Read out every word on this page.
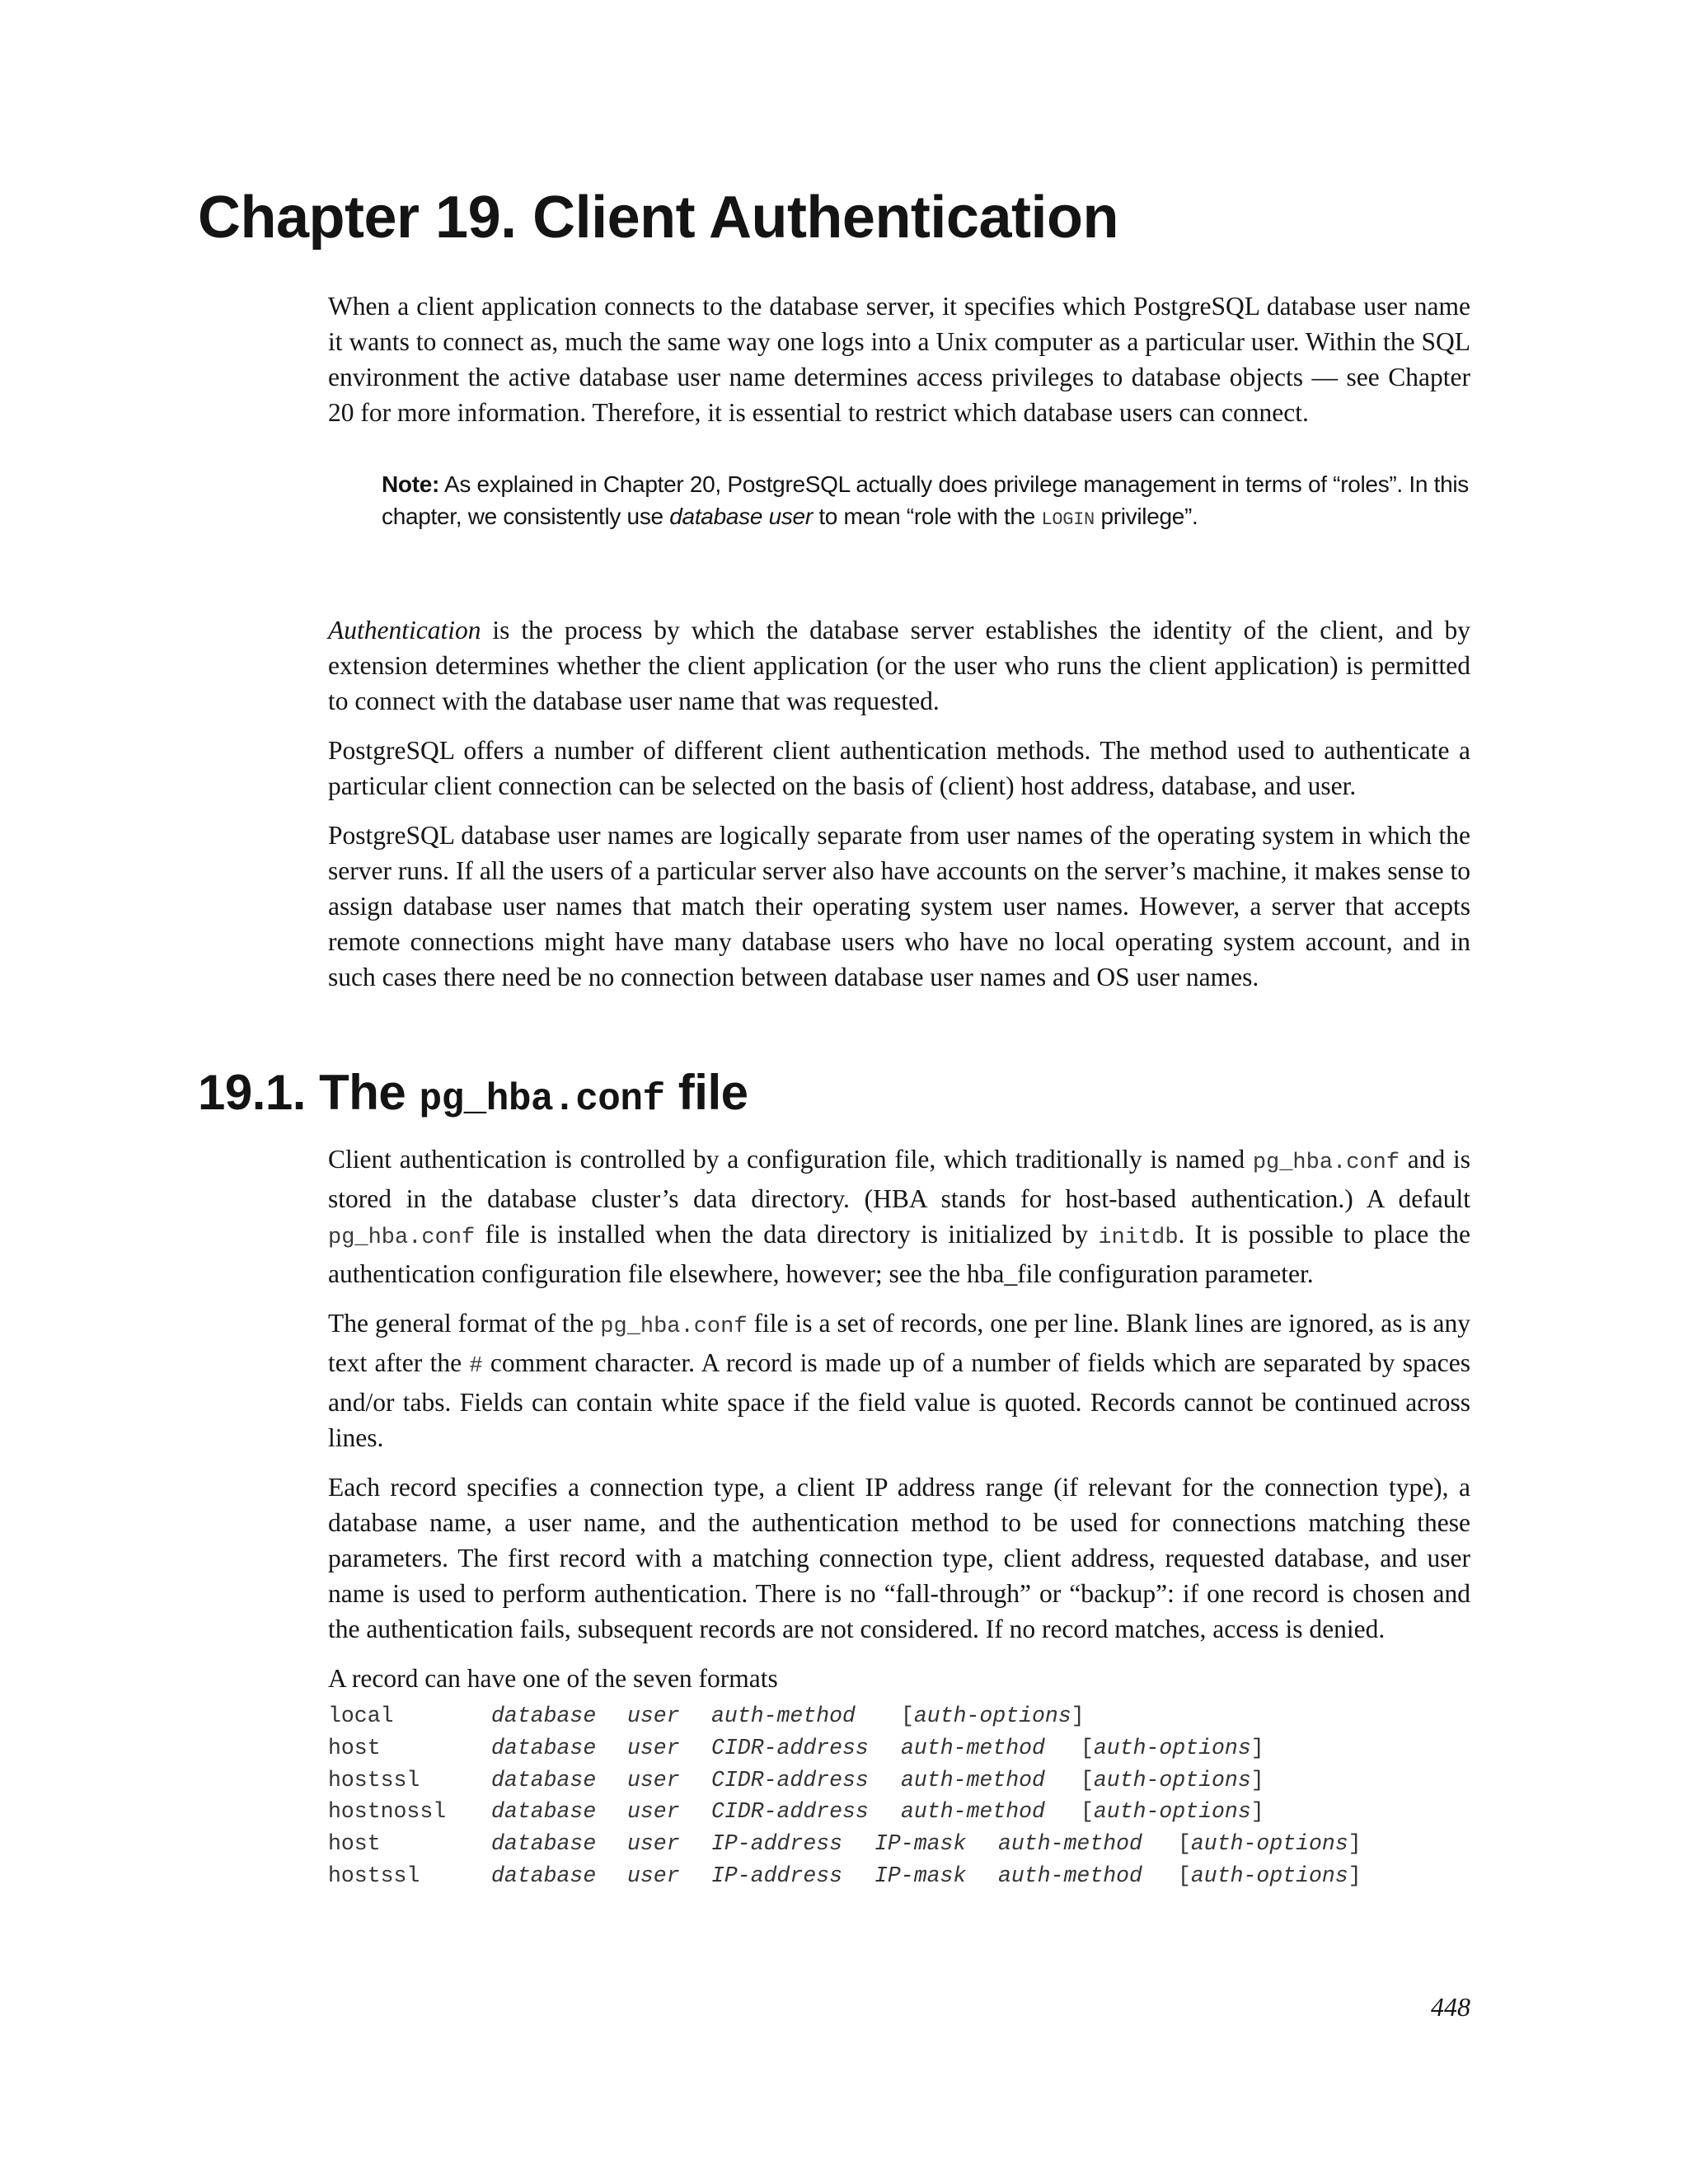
Chapter 19. Client Authentication

When a client application connects to the database server, it specifies which PostgreSQL database user name it wants to connect as, much the same way one logs into a Unix computer as a particular user. Within the SQL environment the active database user name determines access privileges to database objects — see Chapter 20 for more information. Therefore, it is essential to restrict which database users can connect.

Note: As explained in Chapter 20, PostgreSQL actually does privilege management in terms of “roles”. In this chapter, we consistently use database user to mean “role with the LOGIN privilege”.

Authentication is the process by which the database server establishes the identity of the client, and by extension determines whether the client application (or the user who runs the client application) is permitted to connect with the database user name that was requested.

PostgreSQL offers a number of different client authentication methods. The method used to authenticate a particular client connection can be selected on the basis of (client) host address, database, and user.

PostgreSQL database user names are logically separate from user names of the operating system in which the server runs. If all the users of a particular server also have accounts on the server’s machine, it makes sense to assign database user names that match their operating system user names. However, a server that accepts remote connections might have many database users who have no local operating system account, and in such cases there need be no connection between database user names and OS user names.

19.1. The pg_hba.conf file

Client authentication is controlled by a configuration file, which traditionally is named pg_hba.conf and is stored in the database cluster’s data directory. (HBA stands for host-based authentication.) A default pg_hba.conf file is installed when the data directory is initialized by initdb. It is possible to place the authentication configuration file elsewhere, however; see the hba_file configuration parameter.

The general format of the pg_hba.conf file is a set of records, one per line. Blank lines are ignored, as is any text after the # comment character. A record is made up of a number of fields which are separated by spaces and/or tabs. Fields can contain white space if the field value is quoted. Records cannot be continued across lines.

Each record specifies a connection type, a client IP address range (if relevant for the connection type), a database name, a user name, and the authentication method to be used for connections matching these parameters. The first record with a matching connection type, client address, requested database, and user name is used to perform authentication. There is no “fall-through” or “backup”: if one record is chosen and the authentication fails, subsequent records are not considered. If no record matches, access is denied.

A record can have one of the seven formats

local	database user auth-method [auth-options]
host	database user CIDR-address auth-method [auth-options]
hostssl	database user CIDR-address auth-method [auth-options]
hostnossl database user CIDR-address auth-method [auth-options]
host	database user IP-address IP-mask auth-method [auth-options]
hostssl	database user IP-address IP-mask auth-method [auth-options]
448
